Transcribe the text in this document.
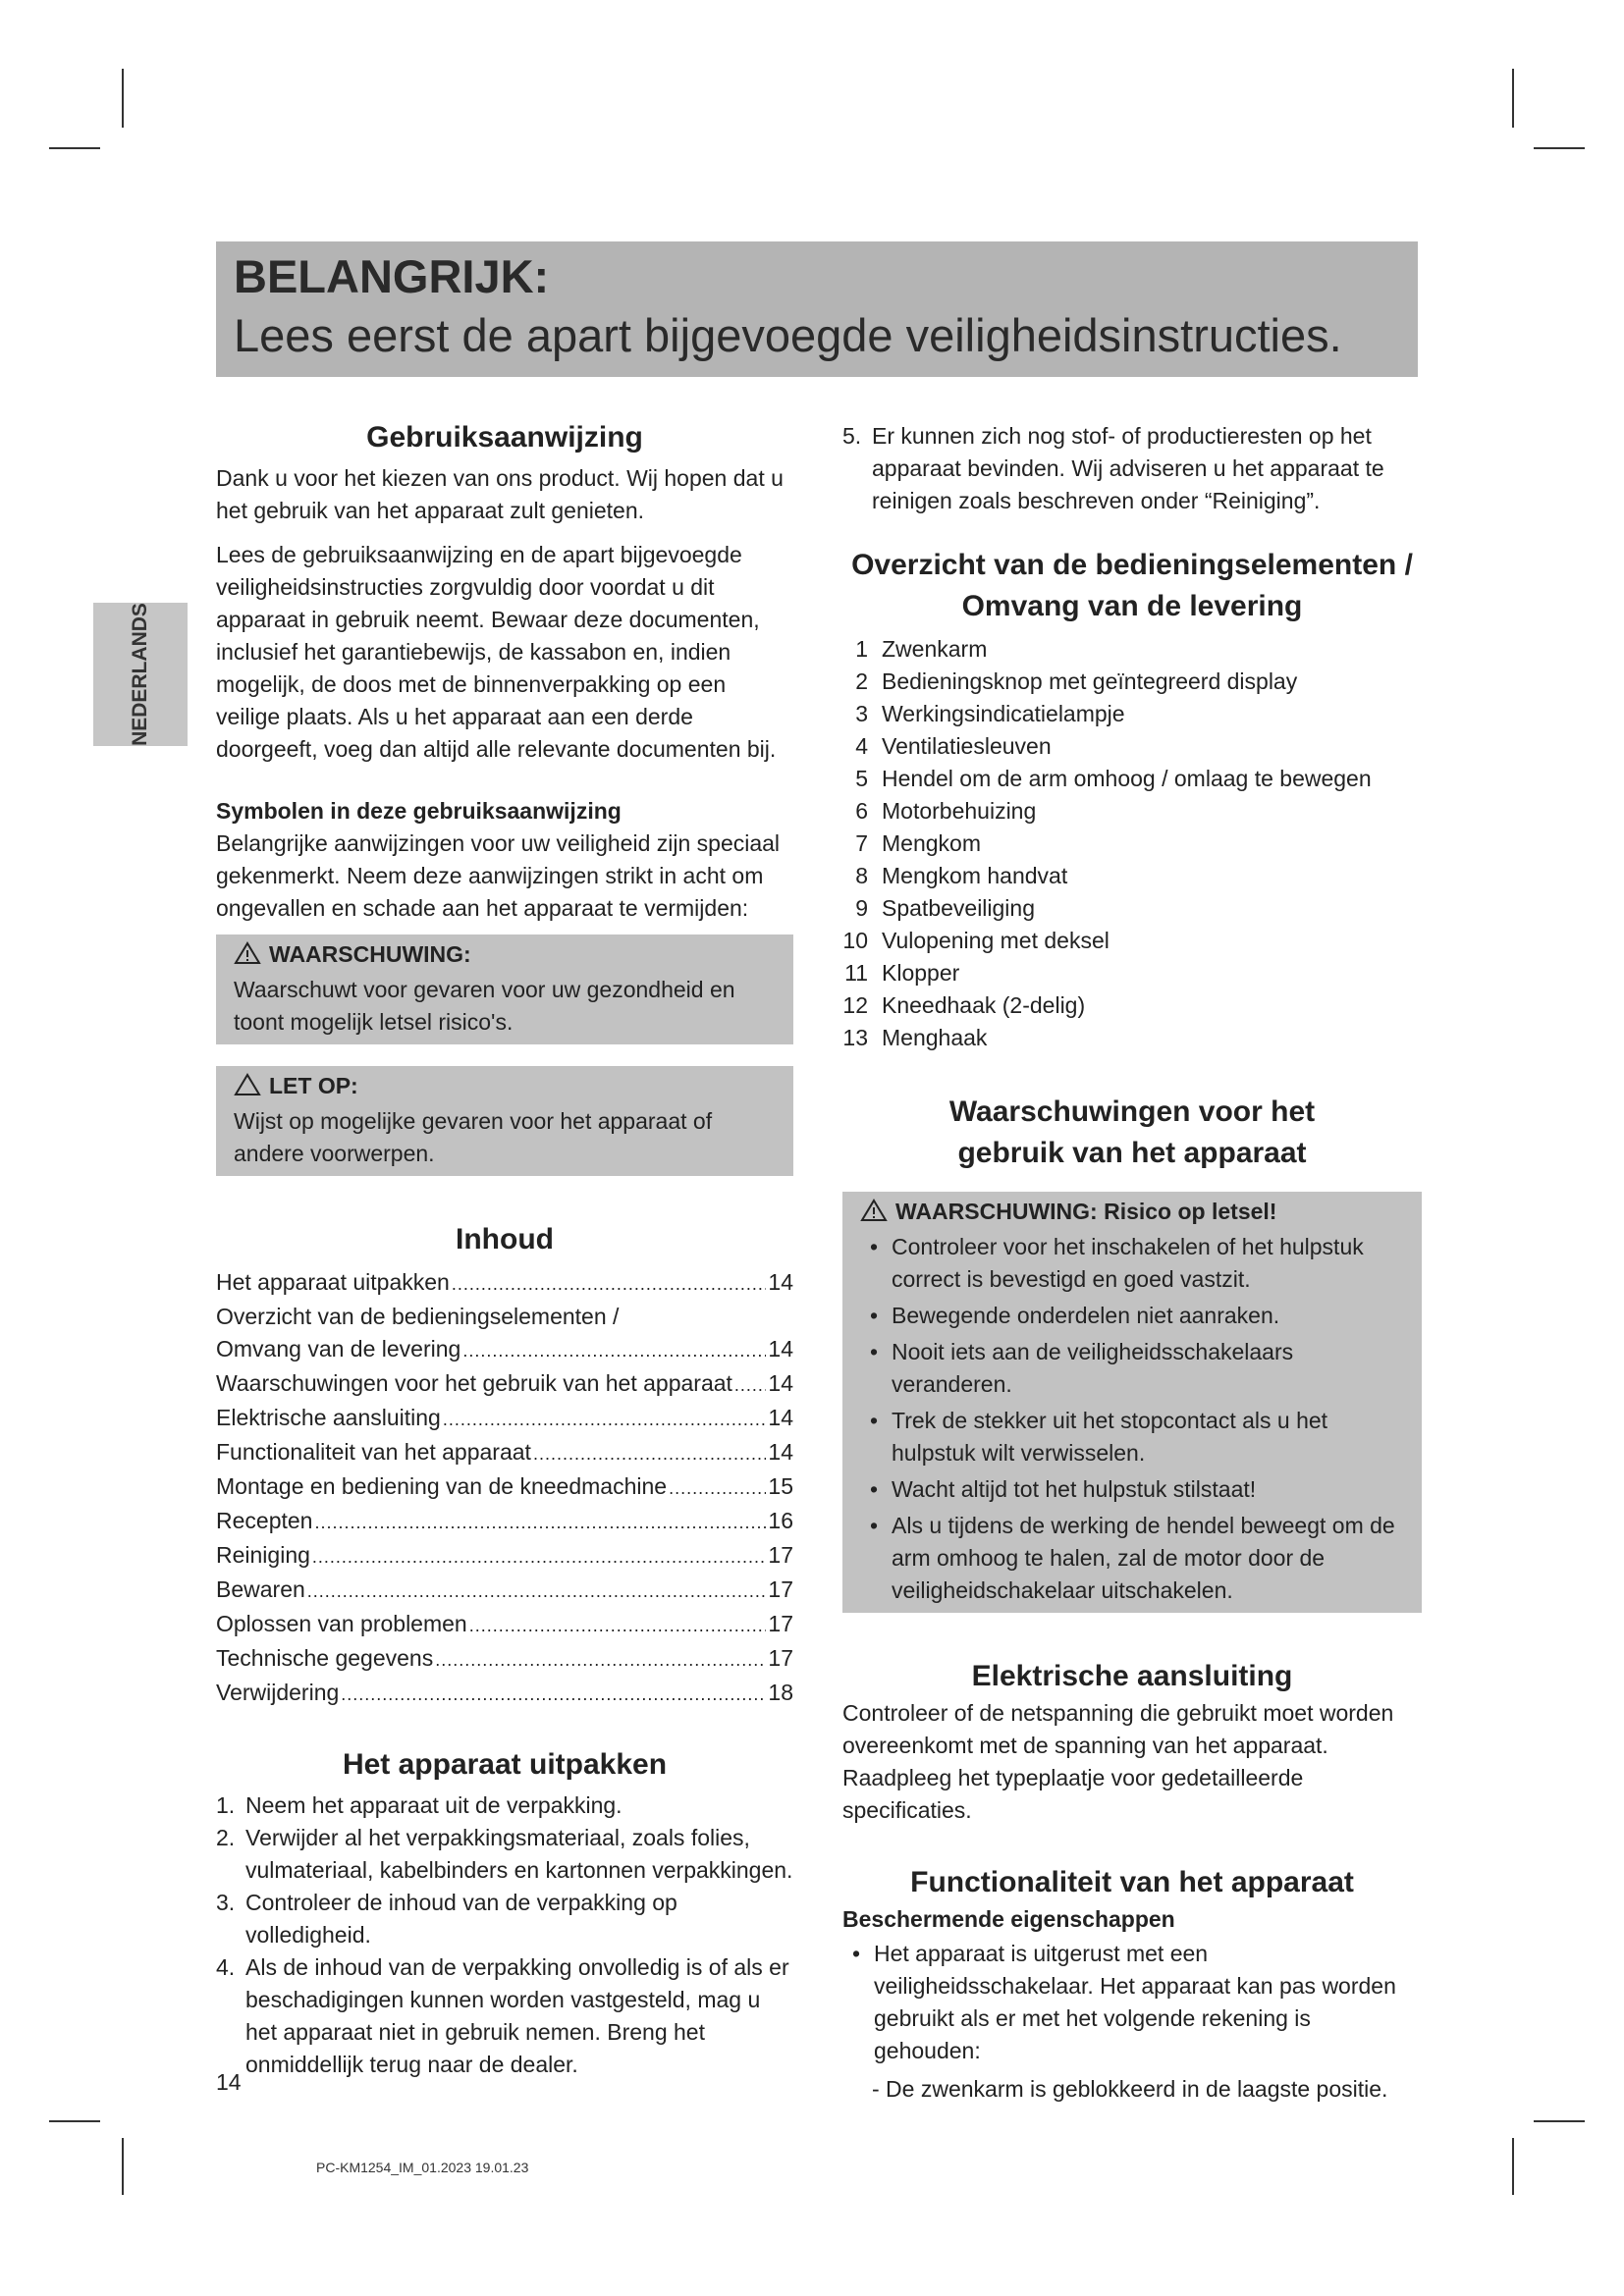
BELANGRIJK:
Lees eerst de apart bijgevoegde veiligheidsinstructies.
NEDERLANDS
Gebruiksaanwijzing

Dank u voor het kiezen van ons product. Wij hopen dat u het gebruik van het apparaat zult genieten.

Lees de gebruiksaanwijzing en de apart bijgevoegde veiligheidsinstructies zorgvuldig door voordat u dit apparaat in gebruik neemt. Bewaar deze documenten, inclusief het garantiebewijs, de kassabon en, indien mogelijk, de doos met de binnenverpakking op een veilige plaats. Als u het apparaat aan een derde doorgeeft, voeg dan altijd alle relevante documenten bij.

Symbolen in deze gebruiksaanwijzing

Belangrijke aanwijzingen voor uw veiligheid zijn speciaal gekenmerkt. Neem deze aanwijzingen strikt in acht om ongevallen en schade aan het apparaat te vermijden:

WAARSCHUWING:

Waarschuwt voor gevaren voor uw gezondheid en toont mogelijk letsel risico's.

LET OP:

Wijst op mogelijke gevaren voor het apparaat of andere voorwerpen.

Inhoud
Het apparaat uitpakken .....	14
Overzicht van de bedieningselementen /
Omvang van de levering .....	14
Waarschuwingen voor het gebruik van het apparaat ..... 14
Elektrische aansluiting .....	14
Functionaliteit van het apparaat .....	14
Montage en bediening van de kneedmachine .....	15
Recepten .....	16
Reiniging .....	17
Bewaren .....	17
Oplossen van problemen .....	17
Technische gegevens .....	17
Verwijdering .....	18
Het apparaat uitpakken
1. Neem het apparaat uit de verpakking.
2. Verwijder al het verpakkingsmateriaal, zoals folies, vulmateriaal, kabelbinders en kartonnen verpakkingen.
3. Controleer de inhoud van de verpakking op volledigheid.
4. Als de inhoud van de verpakking onvolledig is of als er beschadigingen kunnen worden vastgesteld, mag u het apparaat niet in gebruik nemen. Breng het onmiddellijk terug naar de dealer.
5. Er kunnen zich nog stof- of productieresten op het apparaat bevinden. Wij adviseren u het apparaat te reinigen zoals beschreven onder “Reiniging”.
Overzicht van de bedieningselementen / Omvang van de levering
1 Zwenkarm
2 Bedieningsknop met geïntegreerd display
3 Werkingsindicatielampje
4 Ventilatiesleuven
5 Hendel om de arm omhoog / omlaag te bewegen
6 Motorbehuizing
7 Mengkom
8 Mengkom handvat
9 Spatbeveiliging
10 Vulopening met deksel
11 Klopper
12 Kneedhaak (2-delig)
13 Menghaak
Waarschuwingen voor het gebruik van het apparaat
WAARSCHUWING: Risico op letsel!
• Controleer voor het inschakelen of het hulpstuk correct is bevestigd en goed vastzit.
• Bewegende onderdelen niet aanraken.
• Nooit iets aan de veiligheidsschakelaars veranderen.
• Trek de stekker uit het stopcontact als u het hulpstuk wilt verwisselen.
• Wacht altijd tot het hulpstuk stilstaat!
• Als u tijdens de werking de hendel beweegt om de arm omhoog te halen, zal de motor door de veiligheidschakelaar uitschakelen.
Elektrische aansluiting

Controleer of de netspanning die gebruikt moet worden overeenkomt met de spanning van het apparaat. Raadpleeg het typeplaatje voor gedetailleerde specificaties.

Functionaliteit van het apparaat
Beschermende eigenschappen
• Het apparaat is uitgerust met een veiligheidsschakelaar. Het apparaat kan pas worden gebruikt als er met het volgende rekening is gehouden:

- De zwenkarm is geblokkeerd in de laagste positie.

14
PC-KM1254_IM_01.2023 19.01.23
